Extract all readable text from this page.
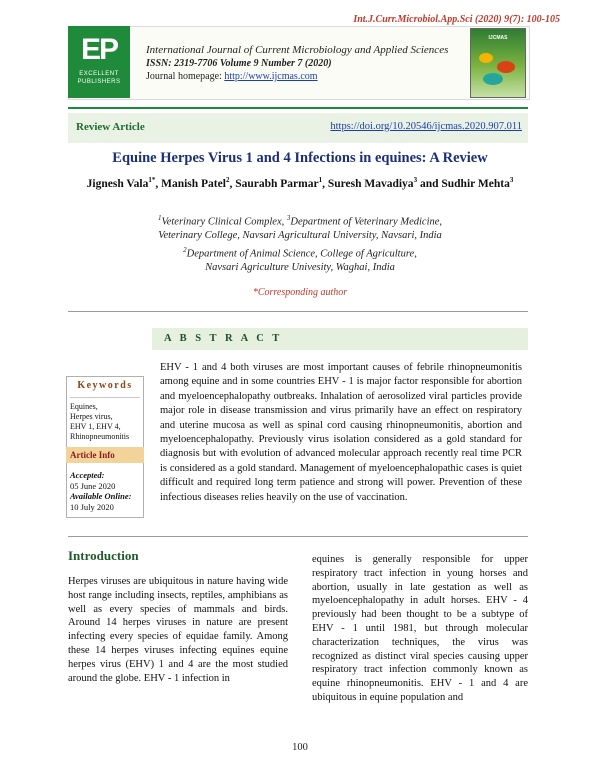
Int.J.Curr.Microbiol.App.Sci (2020) 9(7): 100-105
EP
EXCELLENT PUBLISHERS
International Journal of Current Microbiology and Applied Sciences
ISSN: 2319-7706 Volume 9 Number 7 (2020)
Journal homepage: http://www.ijcmas.com
IJCMAS
Review Article	https://doi.org/10.20546/ijcmas.2020.907.011
Equine Herpes Virus 1 and 4 Infections in equines: A Review
Jignesh Vala$^{1*}$, Manish Patel$^2$, Saurabh Parmar$^1$, Suresh Mavadiya$^3$ and Sudhir Mehta$^3$
$^1$Veterinary Clinical Complex, $^3$Department of Veterinary Medicine,
Veterinary College, Navsari Agricultural University, Navsari, India
$^2$Department of Animal Science, College of Agriculture,
Navsari Agriculture Univesity, Waghai, India
*Corresponding author
A B S T R A C T
EHV - 1 and 4 both viruses are most important causes of febrile rhinopneumonitis among equine and in some countries EHV - 1 is major factor responsible for abortion and myeloencephalopathy outbreaks. Inhalation of aerosolized viral particles provide major role in disease transmission and virus primarily have an effect on respiratory and uterine mucosa as well as spinal cord causing rhinopneumonitis, abortion and myeloencephalopathy. Previously virus isolation considered as a gold standard for diagnosis but with evolution of advanced molecular approach recently real time PCR is considered as a gold standard. Management of myeloencephalopathic cases is quiet difficult and required long term patience and strong will power. Prevention of these infectious diseases relies heavily on the use of vaccination.
Keywords
Equines,
Herpes virus,
EHV 1, EHV 4,
Rhinopneumonitis
Article Info
Accepted:
05 June 2020
Available Online:
10 July 2020
Introduction
Herpes viruses are ubiquitous in nature having wide host range including insects, reptiles, amphibians as well as every species of mammals and birds. Around 14 herpes viruses in nature are present infecting every species of equidae family. Among these 14 herpes viruses infecting equines equine herpes virus (EHV) 1 and 4 are the most studied around the globe. EHV - 1 infection in
equines is generally responsible for upper respiratory tract infection in young horses and abortion, usually in late gestation as well as myeloencephalopathy in adult horses. EHV - 4 previously had been thought to be a subtype of EHV - 1 until 1981, but through molecular characterization techniques, the virus was recognized as distinct viral species causing upper respiratory tract infection commonly known as equine rhinopneumonitis. EHV - 1 and 4 are ubiquitous in equine population and
100
